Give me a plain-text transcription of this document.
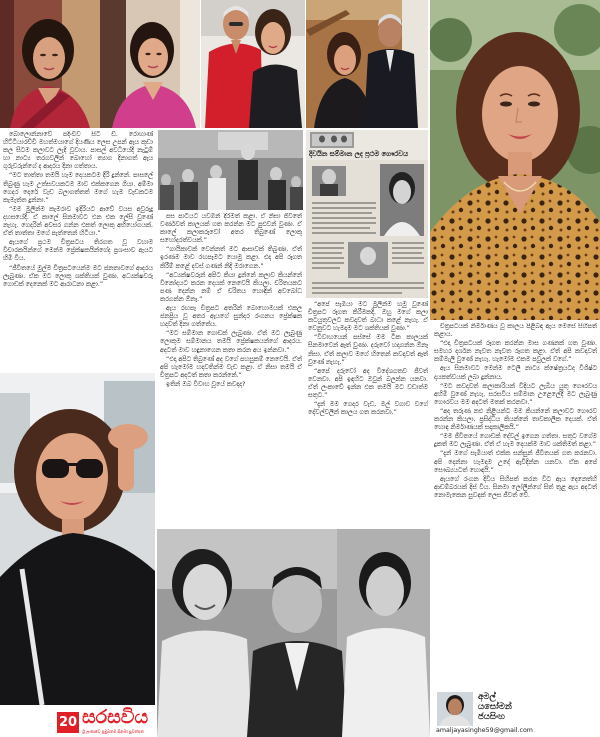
බොලොන්නාවේ පදිංචිව සිටි ඩී. රොහාණ් හිට්ටියාරච්චි මහත්මයාගේ දියණිය ලෙස උපන් ඇය කුඩා කල සිටම කලාවට ලැදි වූවාය. පාසල් අවධියේදී නැටුම් හා නාට්‍ය තරගවලින් බොහෝ ත්‍යාග දිනාගත් ඇය ගුරුවරුන්ගේ ද ආදරය දිනා ගත්තාය.

“මට තාත්තා තමයි හැම දෙයකටම දිරි දුන්නේ. පාසලේ තිබුණු හැම උත්සවයකටම මාව එක්කගෙන ගියා. අම්මා ගෙදර දොරේ වැඩ බලාගත්තත් මගේ හැම වැඩකටම කැමැත්ත දුන්නා.”

“මම මුලින්ම කැමරාව ඉදිරියට ආවේ වයස අවුරුදු දහසයේදී. ඒ කාලේ සිනමාවට එන එක ලේසි වුණේ නැහැ. ගෙදරින් අවසර ගන්න එකත් ලොකු අභියෝගයක්. ඒත් තාත්තා මගේ පැත්තෙන් හිටියා.”

ඇයගේ ප්‍රථම චිත්‍රපටය තිරගත වූ වහාම විචාරකයින්ගේ මෙන්ම ප්‍රේක්ෂකයින්ගේද ප්‍රශංසාව ඇයට හිමි විය.

“ජීවිතයේ මුල්ම චිත්‍රපටයෙන්ම මට ජනතාවගේ ආදරය ලැබුණා. ඒක මට ලොකු ශක්තියක් වුණා. අධ්‍යක්ෂවරු ගොඩක් දෙනෙක් මට ආරාධනා කළා.”

පස පාටියට යවමින් දිරිමත් කළා. ඒ නිසා ජීවිතේ වර්ණවත් කාලයක් ගත කරන්න මට පුළුවන් වුණා. ඒ කාලේ කලාකරුවෝ අතර තිබුණේ ලොකු සහෝදරත්වයක්.”

“ගායිකාවක් වෙන්නත් මට ආසාවක් තිබුණා. ඒත් ඉරණම මාව රඟපෑමට යොමු කළා. එදා අපි රූගත කිරීම් කළේ දවස් ගණන් නිදි මරාගෙන.”

“අධ්‍යක්ෂවරුන් අපිට කියා දුන්නේ කලාව කියන්නේ විනෝදයට කරන දෙයක් නෙවෙයි කියලා. චරිතයකට පණ දෙන්න නම් ඒ චරිතය හොඳින් අවබෝධ කරගන්න ඕනෑ.”

ඇය රඟපෑ චිත්‍රපට අතරින් බොහොමයක් එකල ජනප්‍රිය වූ අතර ඇයගේ සුන්දර රංගනය ප්‍රේක්ෂක හදවත් දිනා ගත්තේය.

“මට සම්මාන ගොඩක් ලැබුණා. ඒත් මට ලැබුණු ලොකුම සම්මානය තමයි ප්‍රේක්ෂකයන්ගේ ආදරය. අදටත් මාව හඳුනාගෙන කතා කරන අය ඉන්නවා.”

“එදා අපිට තිබුණේ අද වගේ පහසුකම් නෙවෙයි. ඒත් අපි හැමෝම හදවතින්ම වැඩ කළා. ඒ නිසා තමයි ඒ චිත්‍රපට අදටත් කතා කරන්නේ.”

ඉතින් ඔබ විවාහ වූයේ කවදාද?

දිවයින සම්මාන ලද ප්‍රථම ගෞරවය

“අපේ සැමියා මට මුලින්ම හමු වුණේ චිත්‍රපට රූගත කිරීමකදී. ඔහු මගේ කලා කටයුතුවලට කවදාවත් බාධා කළේ නැහැ. ඒ වෙනුවට හැමදාම මට ශක්තියක් වුණා.”

“විවාහයෙන් පස්සේ මම ටික කාලයක් සිනමාවෙන් ඈත් වුණා. දරුවෝ හදාගන්න ඕනෑ නිසා. ඒත් කලාව මගේ හිතෙන් කවදාවත් ඈත් වුණේ නැහැ.”

“අපේ දරුවෝ අද විදේශගතව ජීවත් වෙනවා. අපි ඉඳහිට ඔවුන් බලන්න යනවා. ඒත් ලංකාවේ ඉන්න එක තමයි මට වඩාත්ම සතුට.”

“දැන් මම ගෙදර වැඩ, මල් වගාව වගේ දේවල්වලින් කාලය ගත කරනවා.”

චිත්‍රපටයක් නිර්මාණය වූ කාලය පිළිබඳ ඇය මෙසේ සිහිපත් කළාය.

“එදා චිත්‍රපටයක් රූගත කරන්න මාස ගණනක් ගත වුණා. සමහර දර්ශන නැවත නැවත රූගත කළා. ඒත් අපි කවදාවත් කම්මැලි වුණේ නැහැ. හැමෝම එකම පවුලක් වගේ.”

ඇය සිනමාවට මෙන්ම ටෙලි නාට්‍ය ක්ෂේත්‍රයටද විශිෂ්ට දායකත්වයක් ලබා දුන්නාය.

“මට කවදාවත් කලාකාරියක් විදියට ලැබිය යුතු ගෞරවය අහිමි වුණේ නැහැ. සරසවිය සම්මාන උළෙලේදී මට ලැබුණු ගෞරවය මම අදටත් මතක් කරනවා.”

“අද තරුණ නළු නිළියන්ට මම කියන්නේ කලාවට ගෞරව කරන්න කියලා. ප්‍රසිද්ධිය කියන්නේ තාවකාලික දෙයක්. ඒත් හොඳ නිර්මාණයක් සදාකාලිකයි.”

“මම ජීවිතයේ ගොඩක් දේවල් ඉගෙන ගත්තා. සතුට වගේම දුකත් මට ලැබුණා. ඒත් ඒ හැම දෙයක්ම මාව ශක්තිමත් කළා.”

“දැන් මගේ සැමියාත් එක්ක සන්සුන් ජීවිතයක් ගත කරනවා. අපි දෙන්නා හැමදාම උදේ ඇවිදින්න යනවා. ඒක අපේ සෞඛ්‍යයටත් හොඳයි.”

ඇයගේ රංගන දිවිය සිහිපත් කරන විට ඇය දෙනෙත්හි ආඩම්බරයක් දිස් විය. සිනමා ලෝලීන්ගේ සිත් තුළ ඇය අදටත් නොමැකෙන සුවඳක් ලෙස ජීවත් වේ.

20 සරසවිය
ශ්‍රී ලංකාවේ ප්‍රමුඛතම සිනමා පුවත්පත
අමල්
යසෝමන්
ජයසිංහ
amaljayasinghe59@gmail.com
